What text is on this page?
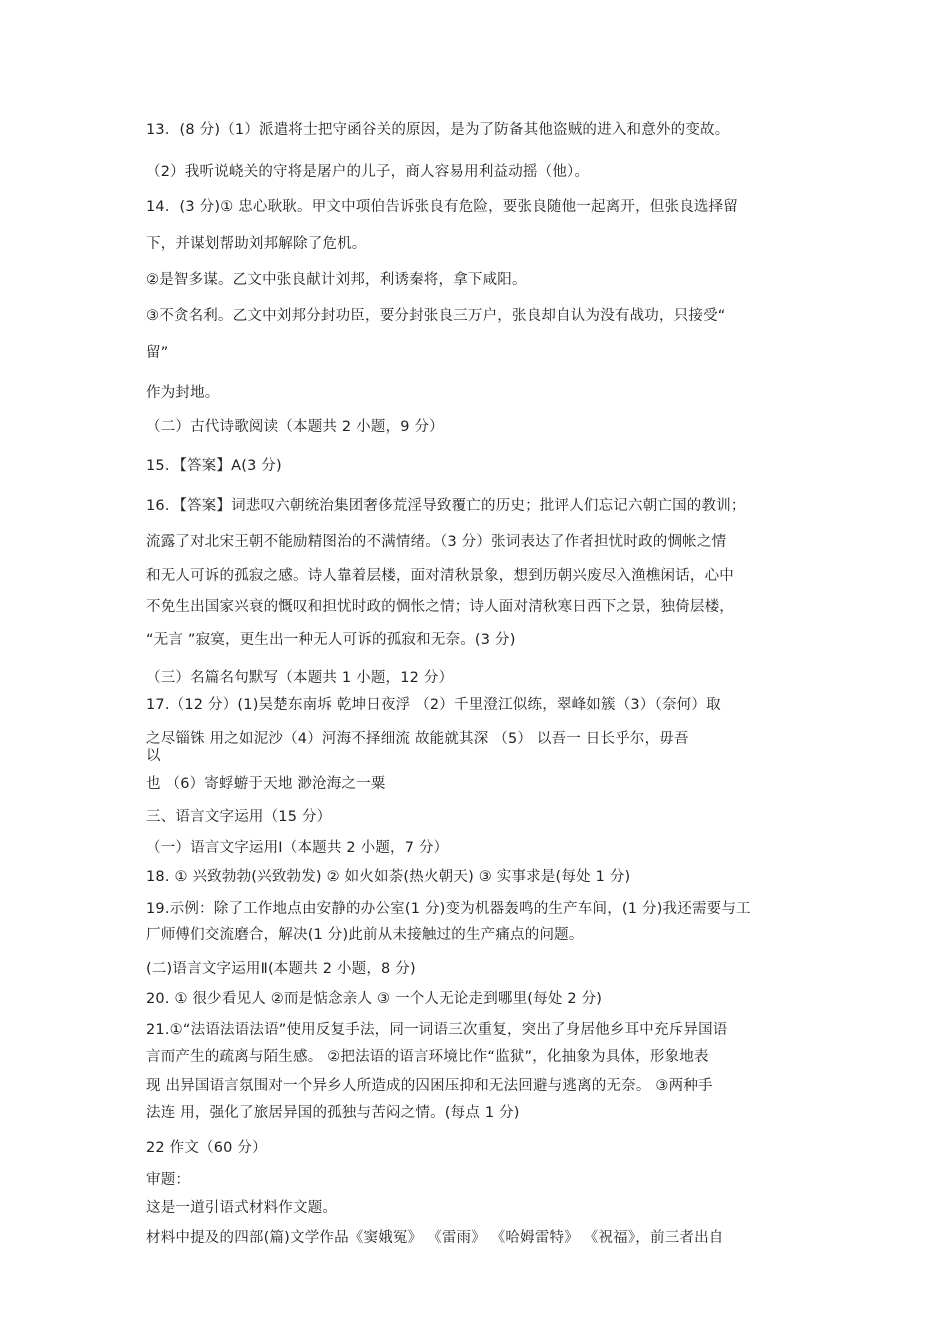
13．(8 分)（1）派遣将士把守函谷关的原因，是为了防备其他盗贼的进入和意外的变故。
（2）我听说峣关的守将是屠户的儿子，商人容易用利益动摇（他）。
14．(3 分)① 忠心耿耿。甲文中项伯告诉张良有危险，要张良随他一起离开，但张良选择留
下，并谋划帮助刘邦解除了危机。
②是智多谋。乙文中张良献计刘邦，利诱秦将，拿下咸阳。
③不贪名利。乙文中刘邦分封功臣，要分封张良三万户，张良却自认为没有战功，只接受“
留”
作为封地。
（二）古代诗歌阅读（本题共 2 小题，9 分）
15．【答案】A(3 分)
16．【答案】词悲叹六朝统治集团奢侈荒淫导致覆亡的历史；批评人们忘记六朝亡国的教训；
流露了对北宋王朝不能励精图治的不满情绪。（3 分）张词表达了作者担忧时政的惆帐之情
和无人可诉的孤寂之感。诗人靠着层楼，面对清秋景象，想到历朝兴废尽入渔樵闲话，心中
不免生出国家兴衰的慨叹和担忧时政的惆怅之情；诗人面对清秋寒日西下之景，独倚层楼，
“无言 ”寂寞，更生出一种无人可诉的孤寂和无奈。(3 分)
（三）名篇名句默写（本题共 1 小题，12 分）
17.（12 分）(1)吴楚东南坼 乾坤日夜浮 （2）千里澄江似练，翠峰如簇（3）（奈何）取
之尽锱铢 用之如泥沙（4）河海不择细流 故能就其深 （5） 以吾一 日长乎尔，毋吾
以
也 （6）寄蜉蝣于天地 渺沧海之一粟
三、语言文字运用（15 分）
（一）语言文字运用Ⅰ（本题共 2 小题，7 分）
18. ① 兴致勃勃(兴致勃发) ② 如火如荼(热火朝天) ③ 实事求是(每处 1 分)
19.示例：除了工作地点由安静的办公室(1 分)变为机器轰鸣的生产车间，(1 分)我还需要与工
厂师傅们交流磨合，解决(1 分)此前从未接触过的生产痛点的问题。
(二)语言文字运用Ⅱ(本题共 2 小题，8 分)
20. ① 很少看见人 ②而是惦念亲人 ③ 一个人无论走到哪里(每处 2 分)
21.①“法语法语法语”使用反复手法，同一词语三次重复，突出了身居他乡耳中充斥异国语
言而产生的疏离与陌生感。 ②把法语的语言环境比作“监狱”，化抽象为具体，形象地表
现 出异国语言氛围对一个异乡人所造成的囚困压抑和无法回避与逃离的无奈。 ③两种手
法连 用，强化了旅居异国的孤独与苦闷之情。(每点 1 分)
22 作文（60 分）
审题：
这是一道引语式材料作文题。
材料中提及的四部(篇)文学作品《窦娥冤》 《雷雨》 《哈姆雷特》 《祝福》，前三者出自
